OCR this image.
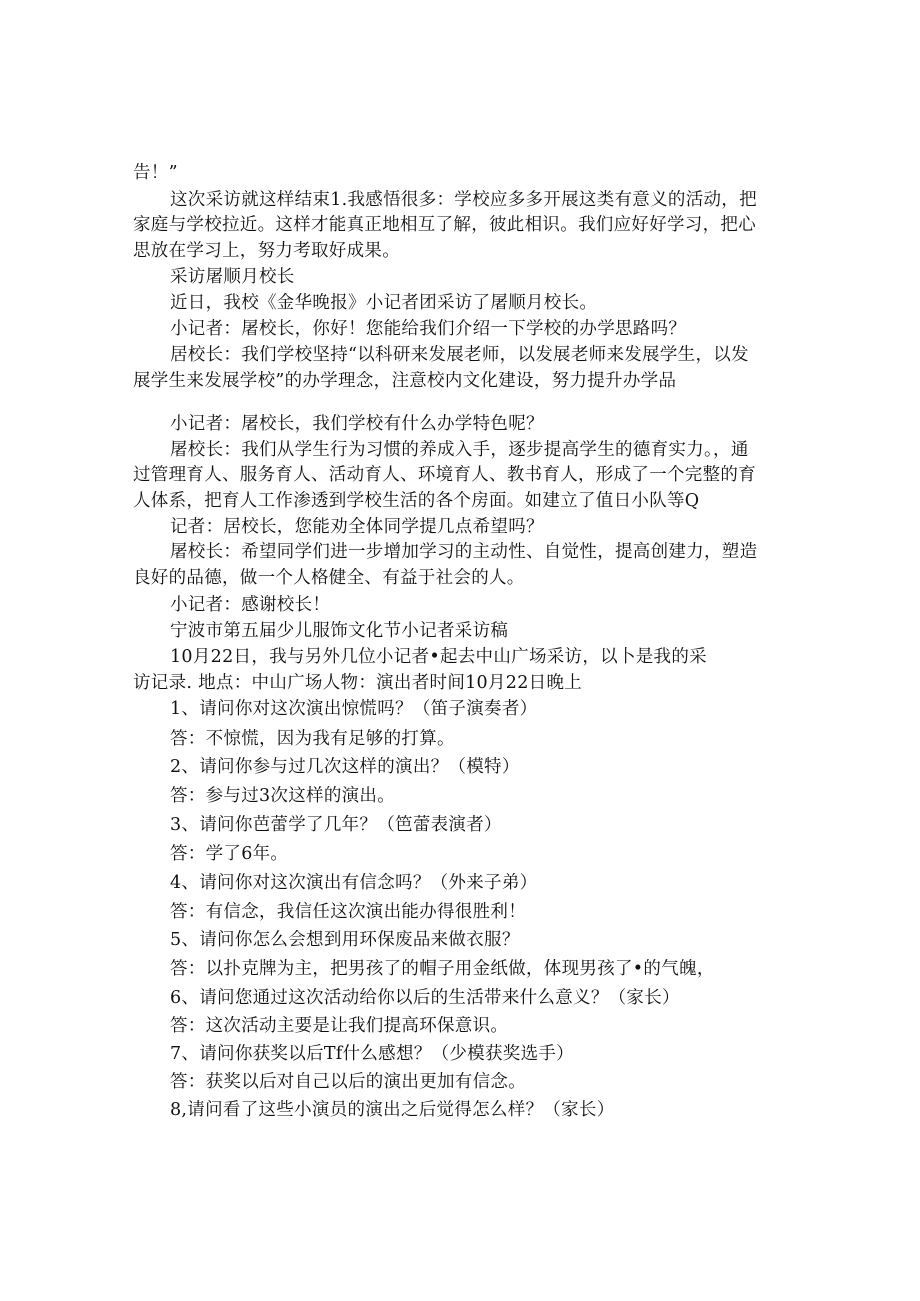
告！”
这次采访就这样结束1.我感悟很多：学校应多多开展这类有意义的活动，把
家庭与学校拉近。这样才能真正地相互了解，彼此相识。我们应好好学习，把心
思放在学习上，努力考取好成果。
采访屠顺月校长
近日，我校《金华晚报》小记者团采访了屠顺月校长。
小记者：屠校长，你好！您能给我们介绍一下学校的办学思路吗？
居校长：我们学校坚持“以科研来发展老师，以发展老师来发展学生，以发
展学生来发展学校”的办学理念，注意校内文化建设，努力提升办学品
小记者：屠校长，我们学校有什么办学特色呢？
屠校长：我们从学生行为习惯的养成入手，逐步提高学生的德育实力。，通
过管理育人、服务育人、活动育人、环境育人、教书育人，形成了一个完整的育
人体系，把育人工作渗透到学校生活的各个房面。如建立了值日小队等Q
记者：居校长，您能劝全体同学提几点希望吗？
屠校长：希望同学们进一步增加学习的主动性、自觉性，提高创建力，塑造
良好的品德，做一个人格健全、有益于社会的人。
小记者：感谢校长！
宁波市第五届少儿服饰文化节小记者采访稿
10月22日，我与另外几位小记者•起去中山广场采访，以卜是我的采
访记录. 地点：中山广场人物：演出者时间10月22日晚上
1、请问你对这次演出惊慌吗？（笛子演奏者）
答：不惊慌，因为我有足够的打算。
2、请问你参与过几次这样的演出？（模特）
答：参与过3次这样的演出。
3、请问你芭蕾学了几年？（笆蕾表演者）
答：学了6年。
4、请问你对这次演出有信念吗？（外来子弟）
答：有信念，我信任这次演出能办得很胜利！
5、请问你怎么会想到用环保废品来做衣服？
答：以扑克牌为主，把男孩了的帽子用金纸做，体现男孩了•的气魄，
6、请问您通过这次活动给你以后的生活带来什么意义？（家长）
答：这次活动主要是让我们提高环保意识。
7、请问你获奖以后Tf什么感想？（少模获奖选手）
答：获奖以后对自己以后的演出更加有信念。
8,请问看了这些小演员的演出之后觉得怎么样？（家长）
